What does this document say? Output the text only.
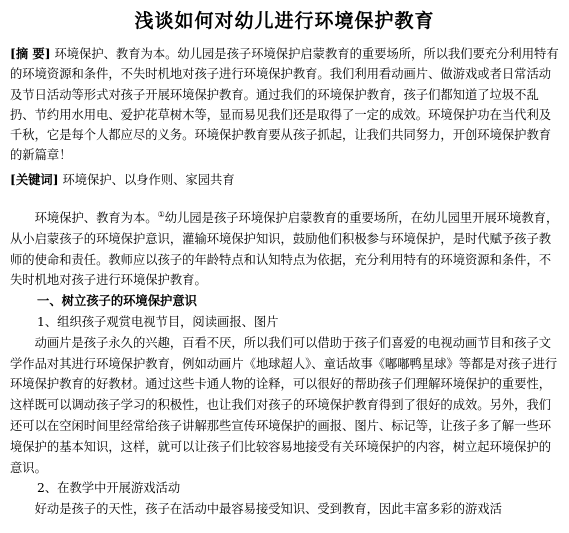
浅谈如何对幼儿进行环境保护教育

[摘 要] 环境保护、教育为本。幼儿园是孩子环境保护启蒙教育的重要场所，所以我们要充分利用特有的环境资源和条件，不失时机地对孩子进行环境保护教育。我们利用看动画片、做游戏或者日常活动及节日活动等形式对孩子开展环境保护教育。通过我们的环境保护教育，孩子们都知道了垃圾不乱扔、节约用水用电、爱护花草树木等，显而易见我们还是取得了一定的成效。环境保护功在当代利及千秋，它是每个人都应尽的义务。环境保护教育要从孩子抓起，让我们共同努力，开创环境保护教育的新篇章！

[关键词] 环境保护、以身作则、家园共育

环境保护、教育为本。①幼儿园是孩子环境保护启蒙教育的重要场所，在幼儿园里开展环境教育，从小启蒙孩子的环境保护意识，灌输环境保护知识，鼓励他们积极参与环境保护，是时代赋予孩子教师的使命和责任。教师应以孩子的年龄特点和认知特点为依据，充分利用特有的环境资源和条件，不失时机地对孩子进行环境保护教育。

一、树立孩子的环境保护意识

1、组织孩子观赏电视节目，阅读画报、图片

动画片是孩子永久的兴趣，百看不厌，所以我们可以借助于孩子们喜爱的电视动画节目和孩子文学作品对其进行环境保护教育，例如动画片《地球超人》、童话故事《嘟嘟鸭星球》等都是对孩子进行环境保护教育的好教材。通过这些卡通人物的诠释，可以很好的帮助孩子们理解环境保护的重要性，这样既可以调动孩子学习的积极性，也让我们对孩子的环境保护教育得到了很好的成效。另外，我们还可以在空闲时间里经常给孩子讲解那些宣传环境保护的画报、图片、标记等，让孩子多了解一些环境保护的基本知识，这样，就可以让孩子们比较容易地接受有关环境保护的内容，树立起环境保护的意识。

2、在教学中开展游戏活动

好动是孩子的天性，孩子在活动中最容易接受知识、受到教育，因此丰富多彩的游戏活
